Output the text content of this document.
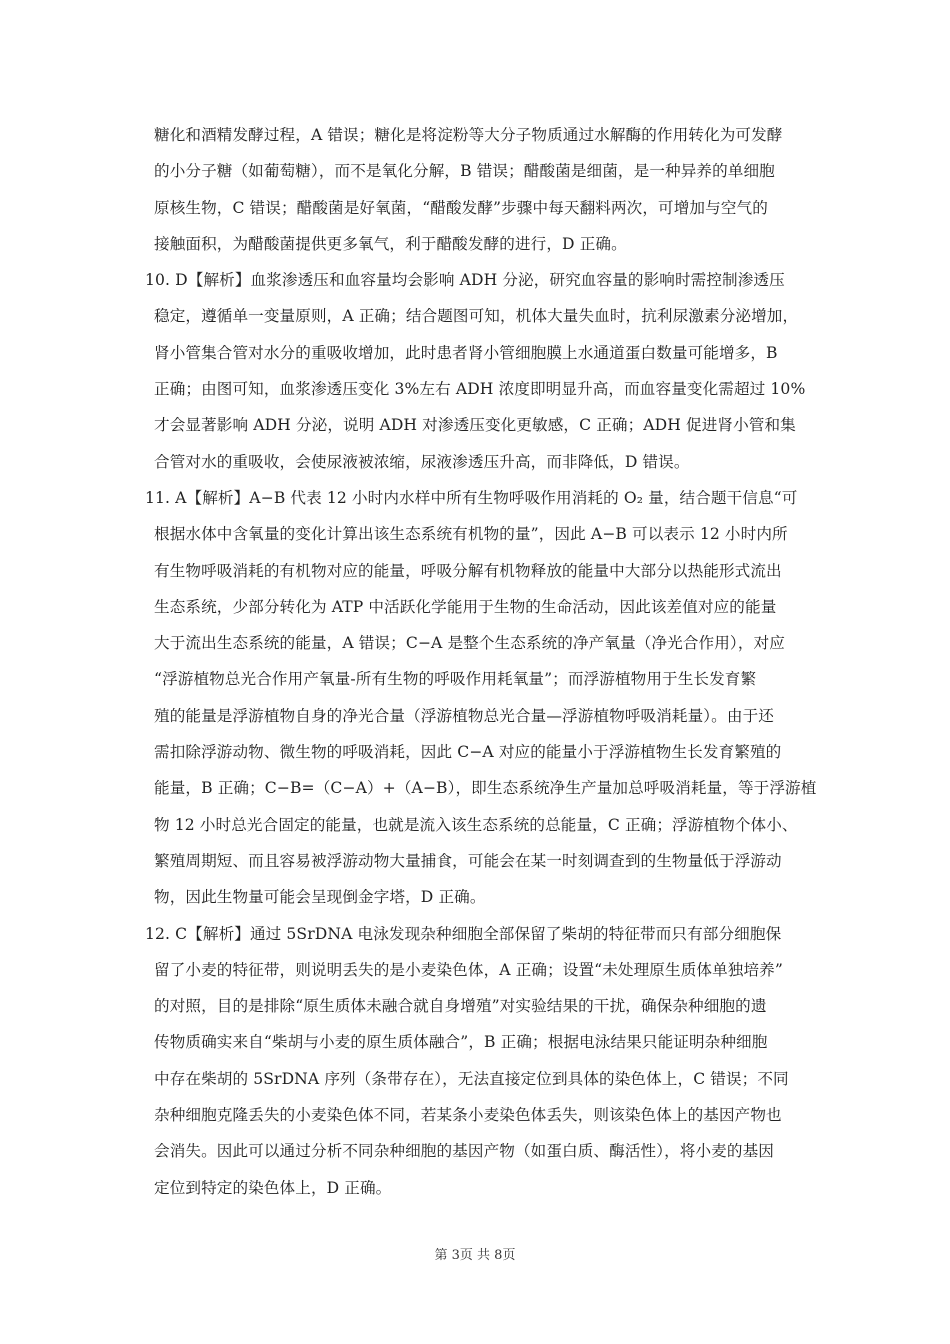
糖化和酒精发酵过程，A 错误；糖化是将淀粉等大分子物质通过水解酶的作用转化为可发酵
的小分子糖（如葡萄糖），而不是氧化分解，B 错误；醋酸菌是细菌，是一种异养的单细胞
原核生物，C 错误；醋酸菌是好氧菌，“醋酸发酵”步骤中每天翻料两次，可增加与空气的
接触面积，为醋酸菌提供更多氧气，利于醋酸发酵的进行，D 正确。
10. D【解析】血浆渗透压和血容量均会影响 ADH 分泌，研究血容量的影响时需控制渗透压
稳定，遵循单一变量原则，A 正确；结合题图可知，机体大量失血时，抗利尿激素分泌增加，
肾小管集合管对水分的重吸收增加，此时患者肾小管细胞膜上水通道蛋白数量可能增多，B
正确；由图可知，血浆渗透压变化 3%左右 ADH 浓度即明显升高，而血容量变化需超过 10%
才会显著影响 ADH 分泌，说明 ADH 对渗透压变化更敏感，C 正确；ADH 促进肾小管和集
合管对水的重吸收，会使尿液被浓缩，尿液渗透压升高，而非降低，D 错误。
11. A【解析】A−B 代表 12 小时内水样中所有生物呼吸作用消耗的 O₂ 量，结合题干信息“可
根据水体中含氧量的变化计算出该生态系统有机物的量”，因此 A−B 可以表示 12 小时内所
有生物呼吸消耗的有机物对应的能量，呼吸分解有机物释放的能量中大部分以热能形式流出
生态系统，少部分转化为 ATP 中活跃化学能用于生物的生命活动，因此该差值对应的能量
大于流出生态系统的能量，A 错误；C−A 是整个生态系统的净产氧量（净光合作用），对应
“浮游植物总光合作用产氧量-所有生物的呼吸作用耗氧量”；而浮游植物用于生长发育繁
殖的能量是浮游植物自身的净光合量（浮游植物总光合量—浮游植物呼吸消耗量）。由于还
需扣除浮游动物、微生物的呼吸消耗，因此 C−A 对应的能量小于浮游植物生长发育繁殖的
能量，B 正确；C−B=（C−A）+（A−B），即生态系统净生产量加总呼吸消耗量，等于浮游植
物 12 小时总光合固定的能量，也就是流入该生态系统的总能量，C 正确；浮游植物个体小、
繁殖周期短、而且容易被浮游动物大量捕食，可能会在某一时刻调查到的生物量低于浮游动
物，因此生物量可能会呈现倒金字塔，D 正确。
12. C【解析】通过 5SrDNA 电泳发现杂种细胞全部保留了柴胡的特征带而只有部分细胞保
留了小麦的特征带，则说明丢失的是小麦染色体，A 正确；设置“未处理原生质体单独培养”
的对照，目的是排除“原生质体未融合就自身增殖”对实验结果的干扰，确保杂种细胞的遗
传物质确实来自“柴胡与小麦的原生质体融合”，B 正确；根据电泳结果只能证明杂种细胞
中存在柴胡的 5SrDNA 序列（条带存在），无法直接定位到具体的染色体上，C 错误；不同
杂种细胞克隆丢失的小麦染色体不同，若某条小麦染色体丢失，则该染色体上的基因产物也
会消失。因此可以通过分析不同杂种细胞的基因产物（如蛋白质、酶活性），将小麦的基因
定位到特定的染色体上，D 正确。
第 3页 共 8页
